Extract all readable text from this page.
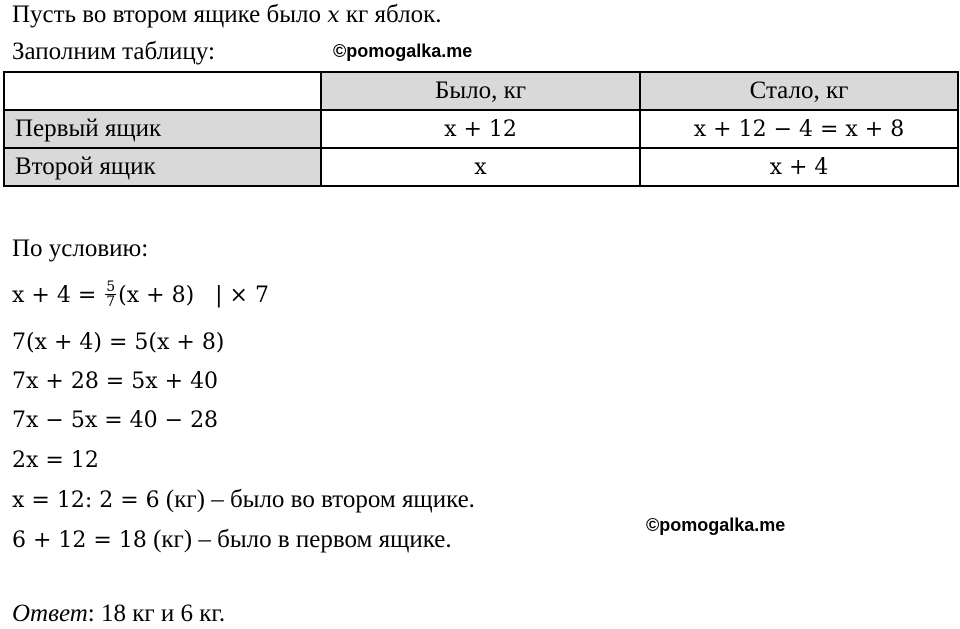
Пусть во втором ящике было x кг яблок.
Заполним таблицу:	©pomogalka.me
	Было, кг	Стало, кг
Первый ящик	x + 12	x + 12 − 4 = x + 8
Второй ящик	x	x + 4
По условию:
$x + 4 = \frac{5}{7} (x + 8)$ | × 7
7(x + 4) = 5(x + 8)
7x + 28 = 5x + 40
7x − 5x = 40 − 28
2x = 12
x = 12: 2 = 6 (кг) – было во втором ящике.
©pomogalka.me
6 + 12 = 18 (кг) – было в первом ящике.
Ответ: 18 кг и 6 кг.
